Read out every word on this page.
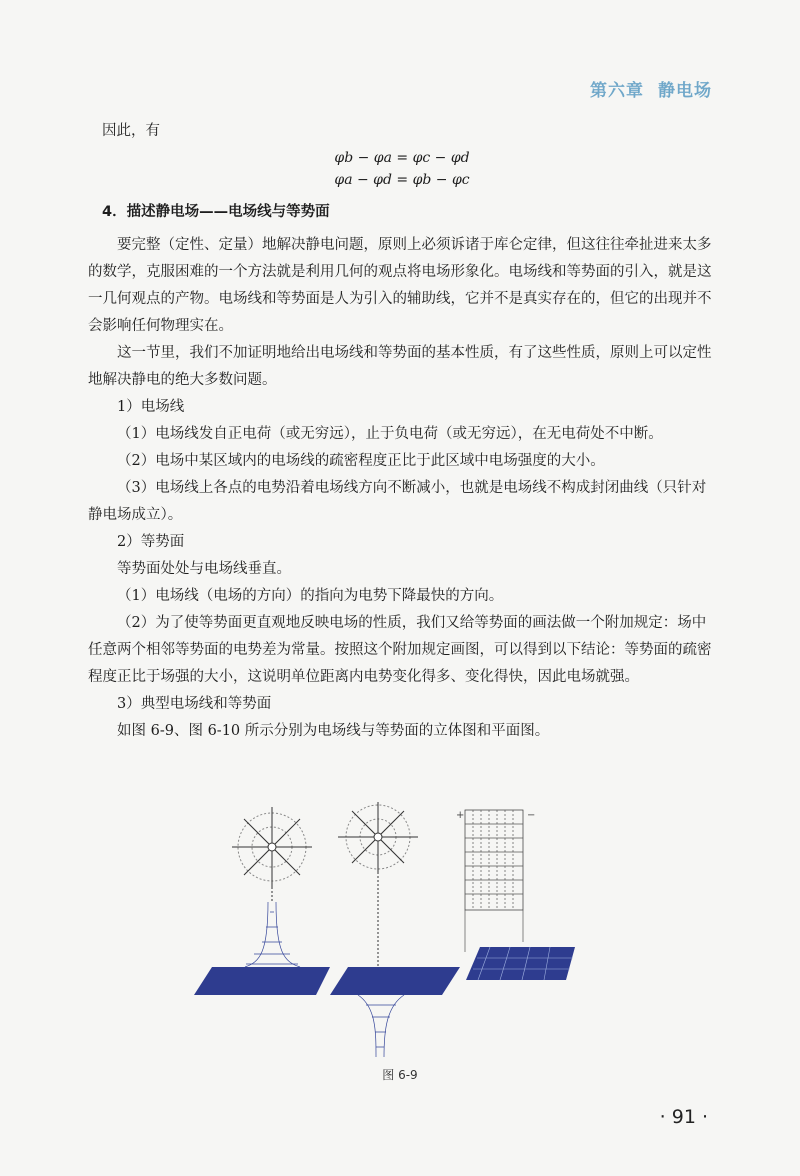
第六章 静电场

因此，有

φb − φa = φc − φd
φa − φd = φb − φc
4．描述静电场——电场线与等势面

要完整（定性、定量）地解决静电问题，原则上必须诉诸于库仑定律，但这往往牵扯进来太多的数学，克服困难的一个方法就是利用几何的观点将电场形象化。电场线和等势面的引入，就是这一几何观点的产物。电场线和等势面是人为引入的辅助线，它并不是真实存在的，但它的出现并不会影响任何物理实在。

这一节里，我们不加证明地给出电场线和等势面的基本性质，有了这些性质，原则上可以定性地解决静电的绝大多数问题。

1）电场线

（1）电场线发自正电荷（或无穷远），止于负电荷（或无穷远），在无电荷处不中断。

（2）电场中某区域内的电场线的疏密程度正比于此区域中电场强度的大小。

（3）电场线上各点的电势沿着电场线方向不断减小，也就是电场线不构成封闭曲线（只针对静电场成立）。

2）等势面

等势面处处与电场线垂直。

（1）电场线（电场的方向）的指向为电势下降最快的方向。

（2）为了使等势面更直观地反映电场的性质，我们又给等势面的画法做一个附加规定：场中任意两个相邻等势面的电势差为常量。按照这个附加规定画图，可以得到以下结论：等势面的疏密程度正比于场强的大小，这说明单位距离内电势变化得多、变化得快，因此电场就强。

3）典型电场线和等势面

如图 6-9、图 6-10 所示分别为电场线与等势面的立体图和平面图。

+	−
图 6-9
· 91 ·
